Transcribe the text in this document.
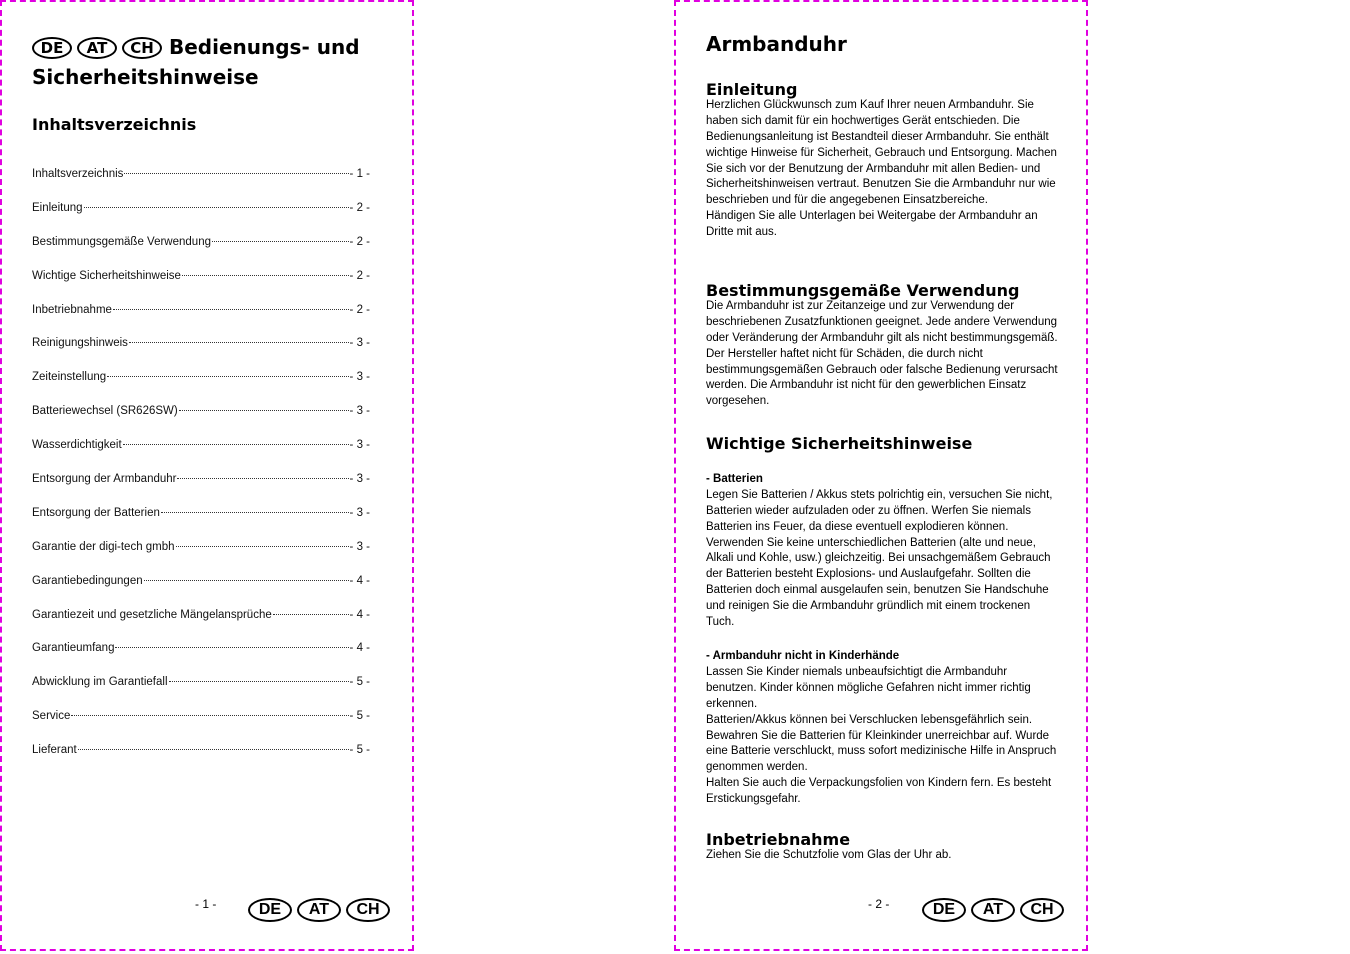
DE	AT	CH Bedienungs- und Sicherheitshinweise
Inhaltsverzeichnis
Inhaltsverzeichnis	- 1 -
Einleitung	- 2 -
Bestimmungsgemäße Verwendung	- 2 -
Wichtige Sicherheitshinweise	- 2 -
Inbetriebnahme	- 2 -
Reinigungshinweis	- 3 -
Zeiteinstellung	- 3 -
Batteriewechsel (SR626SW)	- 3 -
Wasserdichtigkeit	- 3 -
Entsorgung der Armbanduhr	- 3 -
Entsorgung der Batterien	- 3 -
Garantie der digi-tech gmbh	- 3 -
Garantiebedingungen	- 4 -
Garantiezeit und gesetzliche Mängelansprüche	- 4 -
Garantieumfang	- 4 -
Abwicklung im Garantiefall	- 5 -
Service	- 5 -
Lieferant	- 5 -
- 1 -	DE	AT	CH
Armbanduhr
Einleitung

Herzlichen Glückwunsch zum Kauf Ihrer neuen Armbanduhr. Sie haben sich damit für ein hochwertiges Gerät entschieden. Die Bedienungsanleitung ist Bestandteil dieser Armbanduhr. Sie enthält wichtige Hinweise für Sicherheit, Gebrauch und Entsorgung. Machen Sie sich vor der Benutzung der Armbanduhr mit allen Bedien- und Sicherheitshinweisen vertraut. Benutzen Sie die Armbanduhr nur wie beschrieben und für die angegebenen Einsatzbereiche.

Händigen Sie alle Unterlagen bei Weitergabe der Armbanduhr an Dritte mit aus.

Bestimmungsgemäße Verwendung

Die Armbanduhr ist zur Zeitanzeige und zur Verwendung der beschriebenen Zusatzfunktionen geeignet. Jede andere Verwendung oder Veränderung der Armbanduhr gilt als nicht bestimmungsgemäß. Der Hersteller haftet nicht für Schäden, die durch nicht bestimmungsgemäßen Gebrauch oder falsche Bedienung verursacht werden. Die Armbanduhr ist nicht für den gewerblichen Einsatz vorgesehen.

Wichtige Sicherheitshinweise

- Batterien

Legen Sie Batterien / Akkus stets polrichtig ein, versuchen Sie nicht, Batterien wieder aufzuladen oder zu öffnen. Werfen Sie niemals Batterien ins Feuer, da diese eventuell explodieren können. Verwenden Sie keine unterschiedlichen Batterien (alte und neue, Alkali und Kohle, usw.) gleichzeitig. Bei unsachgemäßem Gebrauch der Batterien besteht Explosions- und Auslaufgefahr. Sollten die Batterien doch einmal ausgelaufen sein, benutzen Sie Handschuhe und reinigen Sie die Armbanduhr gründlich mit einem trockenen Tuch.

- Armbanduhr nicht in Kinderhände

Lassen Sie Kinder niemals unbeaufsichtigt die Armbanduhr benutzen. Kinder können mögliche Gefahren nicht immer richtig erkennen.

Batterien/Akkus können bei Verschlucken lebensgefährlich sein. Bewahren Sie die Batterien für Kleinkinder unerreichbar auf. Wurde eine Batterie verschluckt, muss sofort medizinische Hilfe in Anspruch genommen werden.

Halten Sie auch die Verpackungsfolien von Kindern fern. Es besteht Erstickungsgefahr.

Inbetriebnahme

Ziehen Sie die Schutzfolie vom Glas der Uhr ab.

- 2 -	DE	AT	CH
